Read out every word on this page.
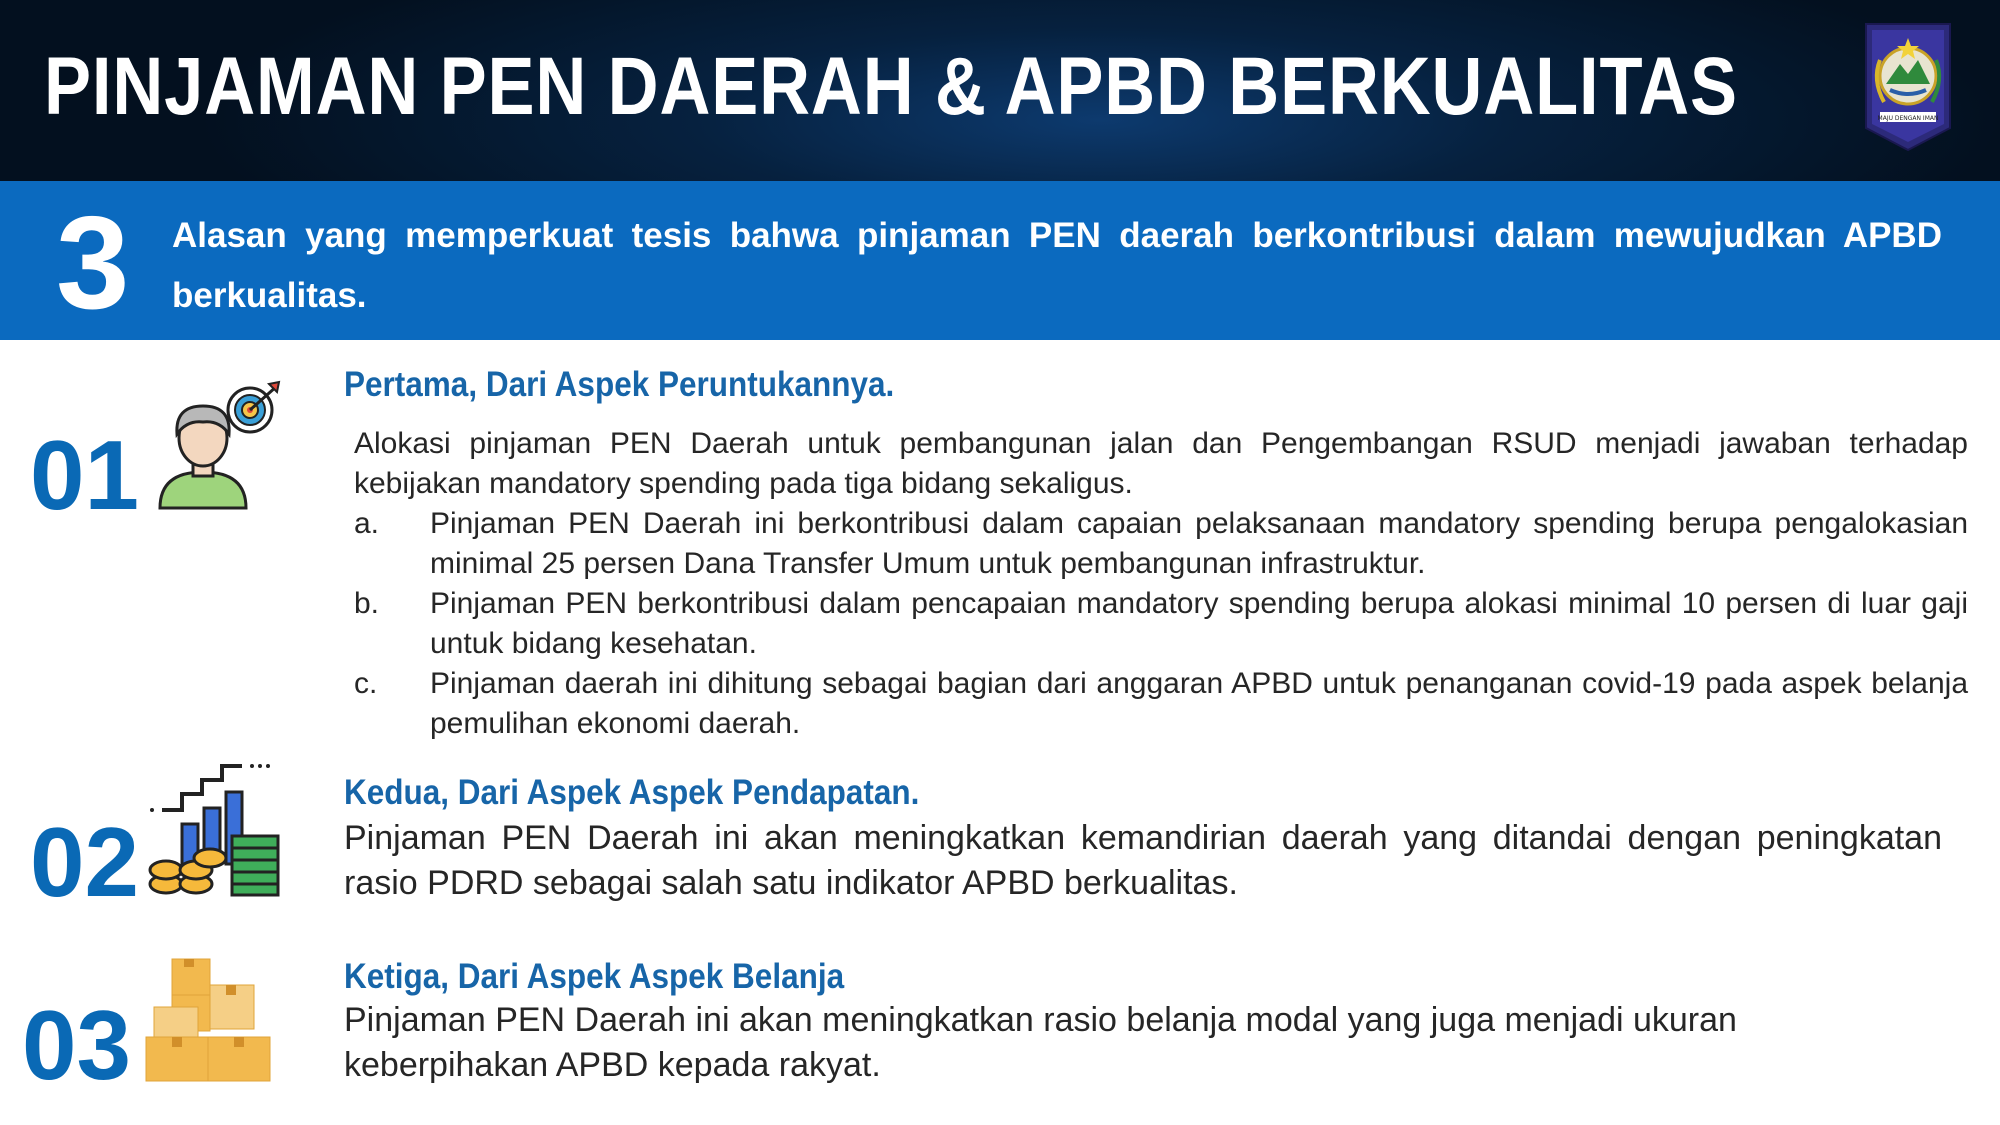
PINJAMAN PEN DAERAH & APBD BERKUALITAS	MAJU DENGAN IMAN
3 Alasan yang memperkuat tesis bahwa pinjaman PEN daerah berkontribusi dalam mewujudkan APBD berkualitas.
01
Pertama, Dari Aspek Peruntukannya.
Alokasi pinjaman PEN Daerah untuk pembangunan jalan dan Pengembangan RSUD menjadi jawaban terhadap kebijakan mandatory spending pada tiga bidang sekaligus.
a. Pinjaman PEN Daerah ini berkontribusi dalam capaian pelaksanaan mandatory spending berupa pengalokasian minimal 25 persen Dana Transfer Umum untuk pembangunan infrastruktur.
b. Pinjaman PEN berkontribusi dalam pencapaian mandatory spending berupa alokasi minimal 10 persen di luar gaji untuk bidang kesehatan.
c. Pinjaman daerah ini dihitung sebagai bagian dari anggaran APBD untuk penanganan covid-19 pada aspek belanja pemulihan ekonomi daerah.
02
Kedua, Dari Aspek Aspek Pendapatan.
Pinjaman PEN Daerah ini akan meningkatkan kemandirian daerah yang ditandai dengan peningkatan rasio PDRD sebagai salah satu indikator APBD berkualitas.
03
Ketiga, Dari Aspek Aspek Belanja
Pinjaman PEN Daerah ini akan meningkatkan rasio belanja modal yang juga menjadi ukuran keberpihakan APBD kepada rakyat.
